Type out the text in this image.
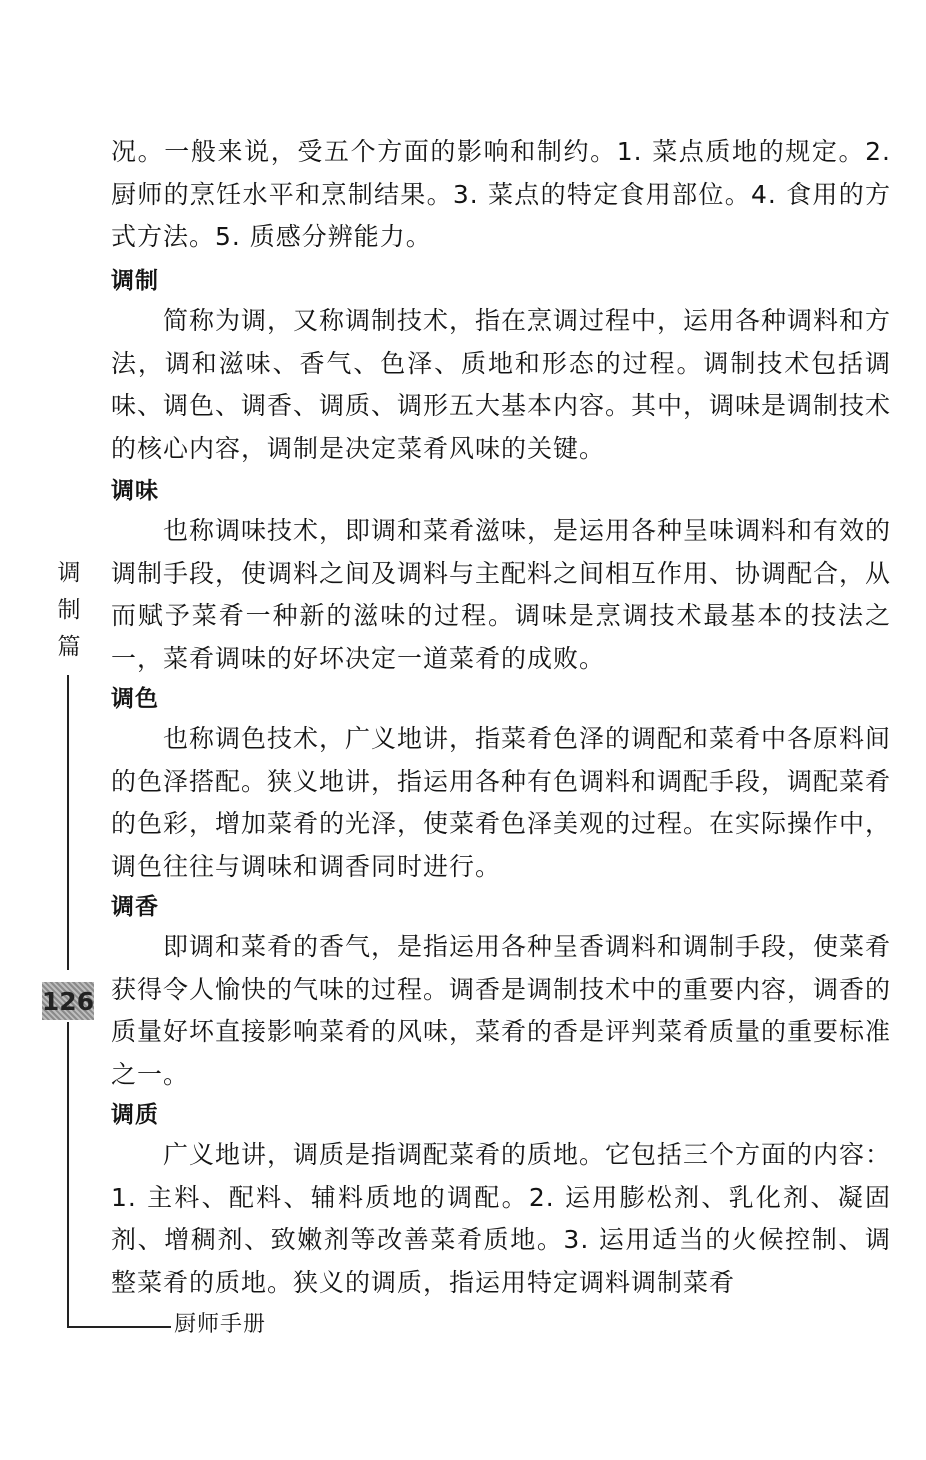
况。一般来说，受五个方面的影响和制约。1. 菜点质地的规定。2. 厨师的烹饪水平和烹制结果。3. 菜点的特定食用部位。4. 食用的方式方法。5. 质感分辨能力。

调制

简称为调，又称调制技术，指在烹调过程中，运用各种调料和方法，调和滋味、香气、色泽、质地和形态的过程。调制技术包括调味、调色、调香、调质、调形五大基本内容。其中，调味是调制技术的核心内容，调制是决定菜肴风味的关键。

调味

也称调味技术，即调和菜肴滋味，是运用各种呈味调料和有效的调制手段，使调料之间及调料与主配料之间相互作用、协调配合，从而赋予菜肴一种新的滋味的过程。调味是烹调技术最基本的技法之一，菜肴调味的好坏决定一道菜肴的成败。

调色

也称调色技术，广义地讲，指菜肴色泽的调配和菜肴中各原料间的色泽搭配。狭义地讲，指运用各种有色调料和调配手段，调配菜肴的色彩，增加菜肴的光泽，使菜肴色泽美观的过程。在实际操作中，调色往往与调味和调香同时进行。

调香

即调和菜肴的香气，是指运用各种呈香调料和调制手段，使菜肴获得令人愉快的气味的过程。调香是调制技术中的重要内容，调香的质量好坏直接影响菜肴的风味，菜肴的香是评判菜肴质量的重要标准之一。

调质

广义地讲，调质是指调配菜肴的质地。它包括三个方面的内容：1. 主料、配料、辅料质地的调配。2. 运用膨松剂、乳化剂、凝固剂、增稠剂、致嫩剂等改善菜肴质地。3. 运用适当的火候控制、调整菜肴的质地。狭义的调质，指运用特定调料调制菜肴

调
制
篇
126
厨师手册
